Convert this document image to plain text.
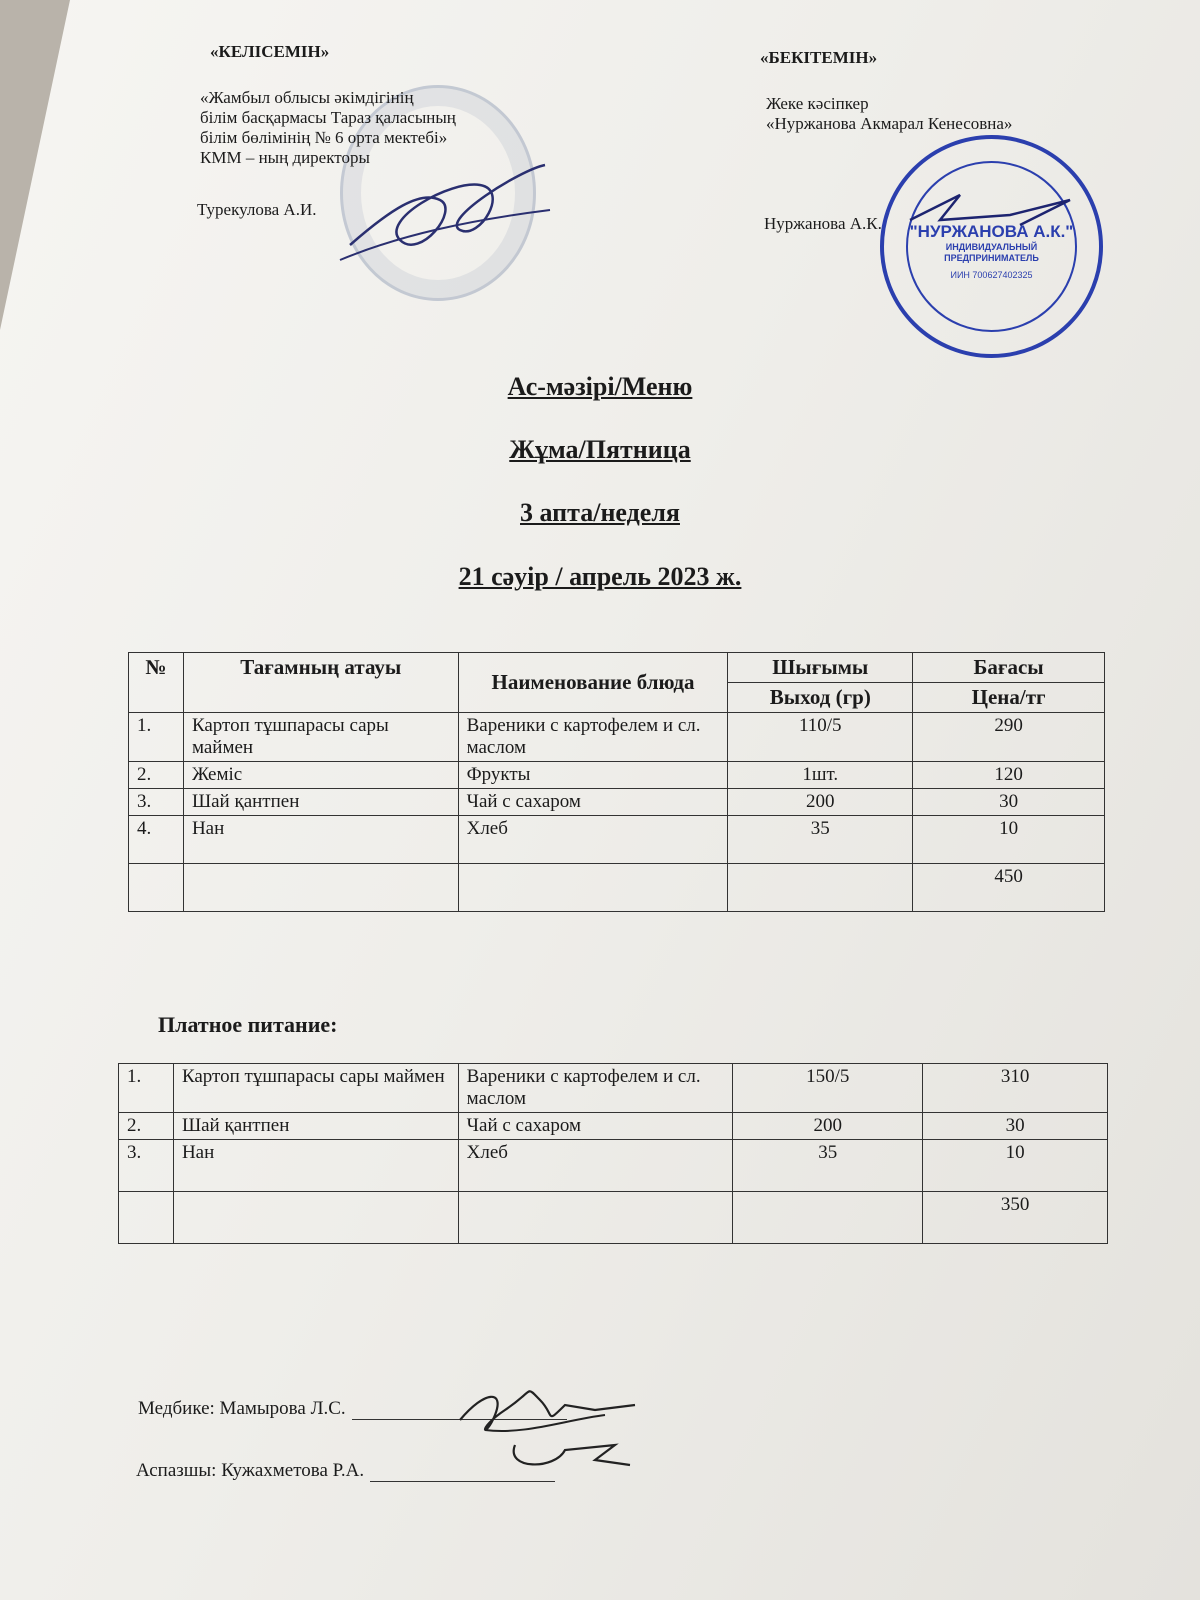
«КЕЛІСЕМІН»
«Жамбыл облысы әкімдігінің
білім басқармасы Тараз қаласының
білім бөлімінің № 6 орта мектебі»
КММ – ның директоры
Турекулова А.И.
«БЕКІТЕМІН»
Жеке кәсіпкер
«Нуржанова Акмарал Кенесовна»
Нуржанова А.К. "НУРЖАНОВА А.К."
ИНДИВИДУАЛЬНЫЙ
ПРЕДПРИНИМАТЕЛЬ
ИИН 700627402325
Ас-мәзірі/Меню
Жұма/Пятница
3 апта/неделя
21 сәуір / апрель 2023 ж.
№	Тағамның атауы	Наименование блюда	Шығымы	Бағасы
			Выход (гр)	Цена/тг
1.	Картоп тұшпарасы сары маймен	Вареники с картофелем и сл. маслом	110/5	290
2.	Жеміс	Фрукты	1шт.	120
3.	Шай қантпен	Чай с сахаром	200	30
4.	Нан	Хлеб	35	10
				450
Платное питание:
1.	Картоп тұшпарасы сары маймен	Вареники с картофелем и сл. маслом	150/5	310
2.	Шай қантпен	Чай с сахаром	200	30
3.	Нан	Хлеб	35	10
				350
Медбике: Мамырова Л.С.
Аспазшы: Кужахметова Р.А.
